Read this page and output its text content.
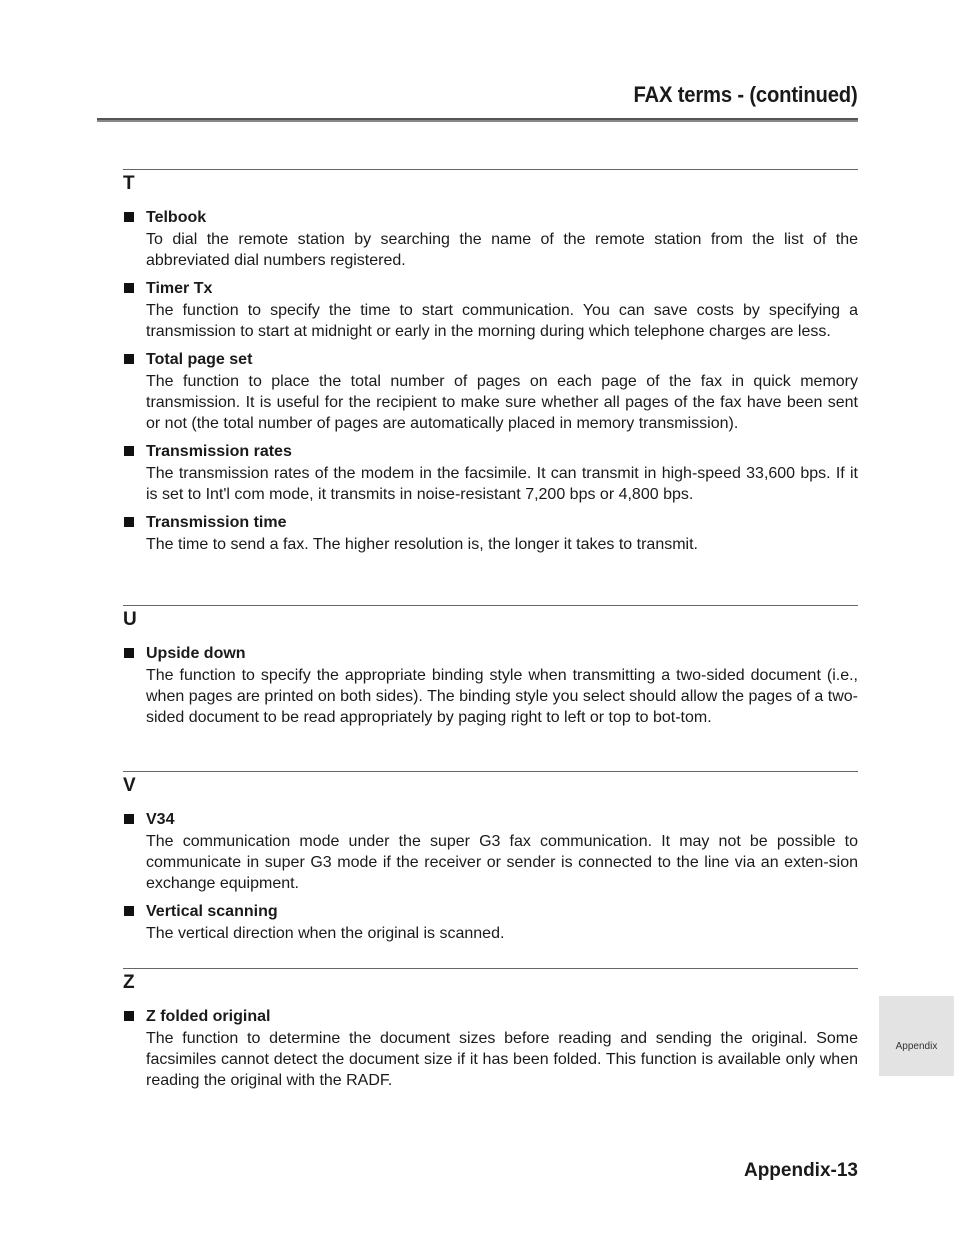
FAX terms - (continued)
T
Telbook
To dial the remote station by searching the name of the remote station from the list of the abbreviated dial numbers registered.
Timer Tx
The function to specify the time to start communication. You can save costs by specifying a transmission to start at midnight or early in the morning during which telephone charges are less.
Total page set
The function to place the total number of pages on each page of the fax in quick memory transmission. It is useful for the recipient to make sure whether all pages of the fax have been sent or not (the total number of pages are automatically placed in memory transmission).
Transmission rates
The transmission rates of the modem in the facsimile. It can transmit in high-speed 33,600 bps. If it is set to Int'l com mode, it transmits in noise-resistant 7,200 bps or 4,800 bps.
Transmission time
The time to send a fax. The higher resolution is, the longer it takes to transmit.
U
Upside down
The function to specify the appropriate binding style when transmitting a two-sided document (i.e., when pages are printed on both sides). The binding style you select should allow the pages of a two-sided document to be read appropriately by paging right to left or top to bot-tom.
V
V34
The communication mode under the super G3 fax communication. It may not be possible to communicate in super G3 mode if the receiver or sender is connected to the line via an exten-sion exchange equipment.
Vertical scanning
The vertical direction when the original is scanned.
Z
Z folded original
The function to determine the document sizes before reading and sending the original. Some facsimiles cannot detect the document size if it has been folded. This function is available only when reading the original with the RADF.
Appendix
Appendix-13
